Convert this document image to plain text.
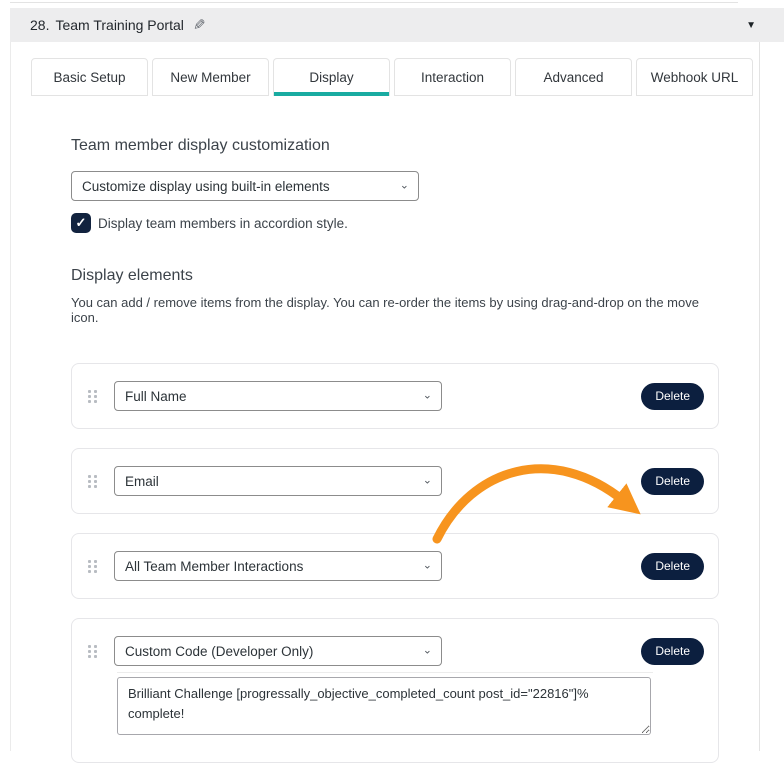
28. Team Training Portal ✎	▼
Basic Setup	New Member	Display	Interaction	Advanced	Webhook URL
Team member display customization
Customize display using built-in elements
⌄
✓ Display team members in accordion style.
Display elements

You can add / remove items from the display. You can re-order the items by using drag-and-drop on the move icon.

Full Name
⌄	Delete
Email
⌄	Delete
All Team Member Interactions
⌄	Delete
Custom Code (Developer Only)
⌄	Delete
Brilliant Challenge [progressally_objective_completed_count post_id="22816"]% complete!
